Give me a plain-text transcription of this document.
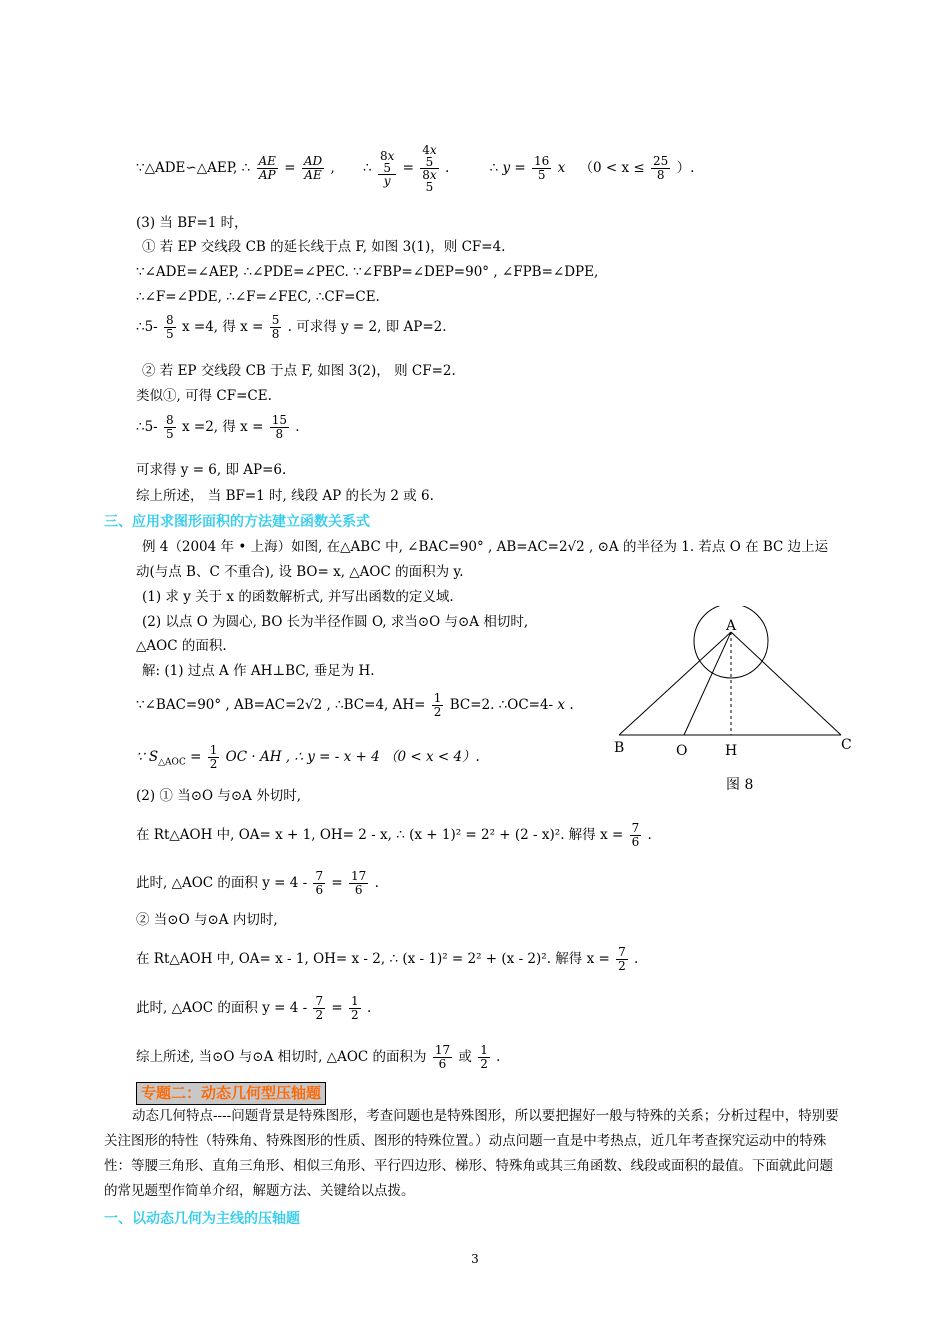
∵△ADE∽△AEP, ∴ $\frac{AE}{AP} = \frac{AD}{AE}$ , ∴
8x
5
y
=
4x
5
8x
5
.	∴ $y = \frac{16}{5}$ x （$0 < x \le \frac{25}{8}$ ）.
(3) 当 BF=1 时，
① 若 EP 交线段 CB 的延长线于点 F, 如图 3(1)，则 CF=4.
∵∠ADE=∠AEP, ∴∠PDE=∠PEC. ∵∠FBP=∠DEP=90° , ∠FPB=∠DPE,
∴∠F=∠PDE, ∴∠F=∠FEC, ∴CF=CE.
∴5- $\frac{8}{5}$ x =4, 得 $x = \frac{5}{8}$ . 可求得 y = 2, 即 AP=2.
② 若 EP 交线段 CB 于点 F, 如图 3(2)， 则 CF=2.
类似①, 可得 CF=CE.
∴5- $\frac{8}{5}$ x =2, 得 $x = \frac{15}{8}$ .
可求得 y = 6, 即 AP=6.
综上所述， 当 BF=1 时, 线段 AP 的长为 2 或 6.
三、应用求图形面积的方法建立函数关系式
例 4（2004 年 • 上海）如图, 在△ABC 中, ∠BAC=90° , AB=AC=2√2 , ⊙A 的半径为 1. 若点 O 在 BC 边上运
动(与点 B、C 不重合), 设 BO= x, △AOC 的面积为 y.
(1) 求 y 关于 x 的函数解析式, 并写出函数的定义域.
(2) 以点 O 为圆心, BO 长为半径作圆 O, 求当⊙O 与⊙A 相切时,
△AOC 的面积.
解: (1) 过点 A 作 AH⊥BC, 垂足为 H.
∵∠BAC=90° , AB=AC=2√2 , ∴BC=4, $AH= \frac{1}{2} BC=2$. ∴OC=4- x .
∵ $S_{\triangle AOC} = \frac{1}{2}$ OC · AH , ∴ y = - x + 4 （0 < x < 4）.
(2) ① 当⊙O 与⊙A 外切时,
在 Rt△AOH 中, OA= x + 1, OH= 2 - x, ∴ (x + 1)² = 2² + (2 - x)². 解得 $x = \frac{7}{6}$ .
此时, △AOC 的面积 $y = 4 - \frac{7}{6} = \frac{17}{6}$ .
② 当⊙O 与⊙A 内切时,
在 Rt△AOH 中, OA= x - 1, OH= x - 2, ∴ (x - 1)² = 2² + (x - 2)². 解得 $x = \frac{7}{2}$ .
此时, △AOC 的面积 $y = 4 - \frac{7}{2} = \frac{1}{2}$ .
综上所述, 当⊙O 与⊙A 相切时, △AOC 的面积为 $\frac{17}{6}$ 或 $\frac{1}{2}$ .
专题二：动态几何型压轴题
动态几何特点----问题背景是特殊图形，考查问题也是特殊图形，所以要把握好一般与特殊的关系；分析过程中，特别要关注图形的特性（特殊角、特殊图形的性质、图形的特殊位置。）动点问题一直是中考热点，近几年考查探究运动中的特殊性：等腰三角形、直角三角形、相似三角形、平行四边形、梯形、特殊角或其三角函数、线段或面积的最值。下面就此问题的常见题型作简单介绍，解题方法、关键给以点拨。
一、以动态几何为主线的压轴题
3
A
B	O	H	C
图 8
